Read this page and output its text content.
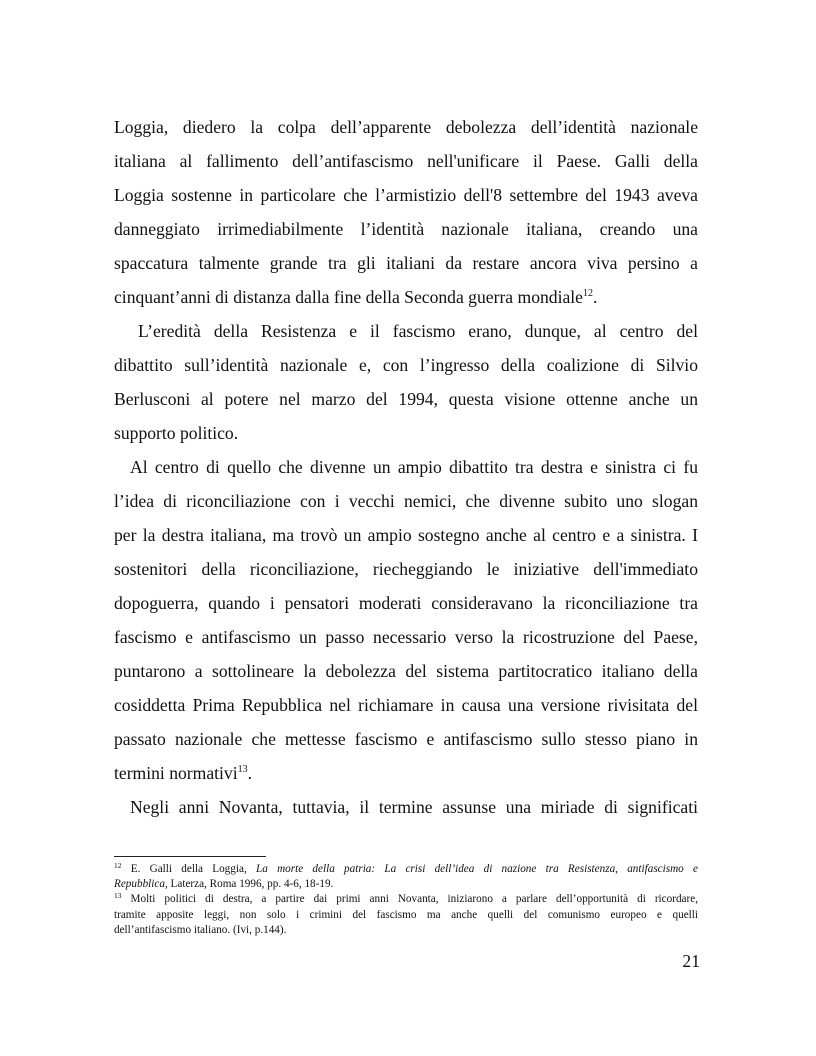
Loggia, diedero la colpa dell’apparente debolezza dell’identità nazionale
italiana al fallimento dell’antifascismo nell'unificare il Paese. Galli della
Loggia sostenne in particolare che l’armistizio dell'8 settembre del 1943 aveva
danneggiato irrimediabilmente l’identità nazionale italiana, creando una
spaccatura talmente grande tra gli italiani da restare ancora viva persino a
cinquant’anni di distanza dalla fine della Seconda guerra mondiale$^{12}$.
L’eredità della Resistenza e il fascismo erano, dunque, al centro del
dibattito sull’identità nazionale e, con l’ingresso della coalizione di Silvio
Berlusconi al potere nel marzo del 1994, questa visione ottenne anche un
supporto politico.
Al centro di quello che divenne un ampio dibattito tra destra e sinistra ci fu
l’idea di riconciliazione con i vecchi nemici, che divenne subito uno slogan
per la destra italiana, ma trovò un ampio sostegno anche al centro e a sinistra. I
sostenitori della riconciliazione, riecheggiando le iniziative dell'immediato
dopoguerra, quando i pensatori moderati consideravano la riconciliazione tra
fascismo e antifascismo un passo necessario verso la ricostruzione del Paese,
puntarono a sottolineare la debolezza del sistema partitocratico italiano della
cosiddetta Prima Repubblica nel richiamare in causa una versione rivisitata del
passato nazionale che mettesse fascismo e antifascismo sullo stesso piano in
termini normativi$^{13}$.
Negli anni Novanta, tuttavia, il termine assunse una miriade di significati
$^{12}$ E. Galli della Loggia, La morte della patria: La crisi dell’idea di nazione tra Resistenza, antifascismo e
Repubblica, Laterza, Roma 1996, pp. 4-6, 18-19.
$^{13}$ Molti politici di destra, a partire dai primi anni Novanta, iniziarono a parlare dell’opportunità di ricordare,
tramite apposite leggi, non solo i crimini del fascismo ma anche quelli del comunismo europeo e quelli
dell’antifascismo italiano. (Ivi, p.144).
21
